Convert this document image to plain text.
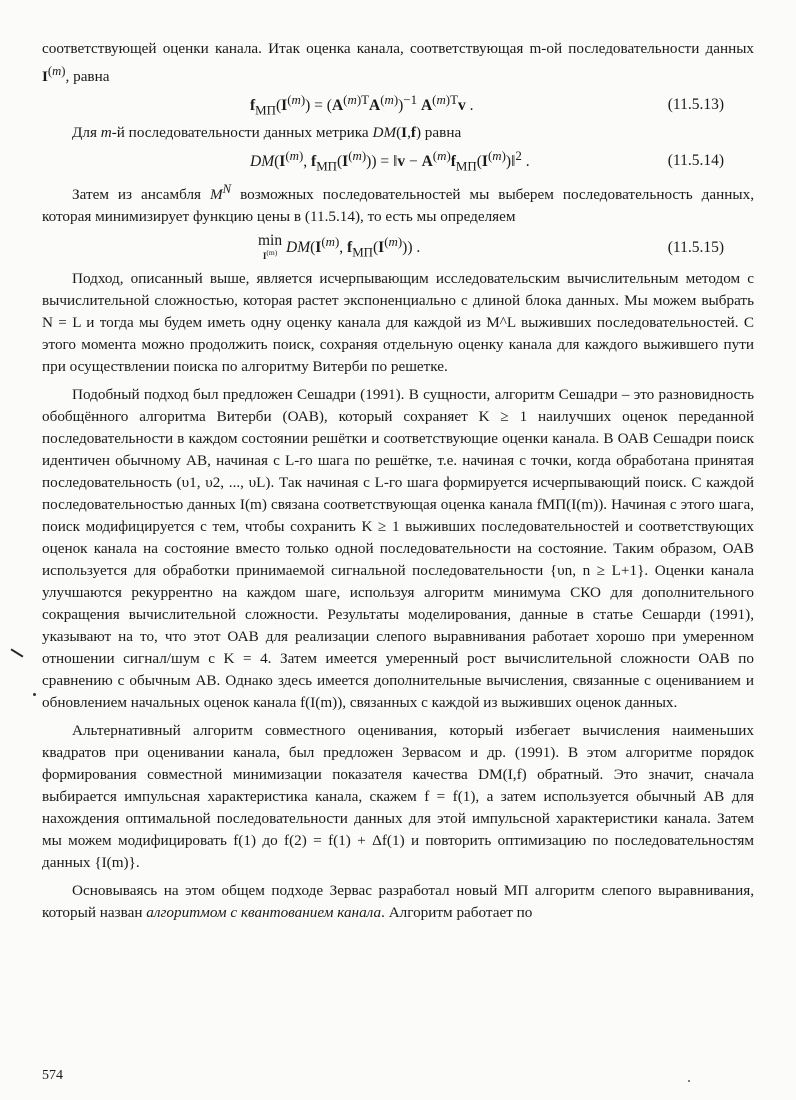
соответствующей оценки канала. Итак оценка канала, соответствующая m-ой последовательности данных $I^{(m)}$, равна

$f_{МП}(I^{(m)}) = (A^{(m)T}A^{(m)})^{-1}$ $A^{(m)T}v$ .	(11.5.13)

Для m-й последовательности данных метрика DM(I,f) равна

$DM(I^{(m)}$, $f_{МП}(I^{(m)})$) = ‖v − $A^{(m)}f_{МП}(I^{(m)})‖^2$ .	(11.5.14)

Затем из ансамбля $M^N$ возможных последовательностей мы выберем последовательность данных, которая минимизирует функцию цены в (11.5.14), то есть мы определяем

min
$I^{(m)}$ $DM(I^{(m)}$, $f_{МП}(I^{(m)})$) .	(11.5.15)

Подход, описанный выше, является исчерпывающим исследовательским вычислительным методом с вычислительной сложностью, которая растет экспоненциально с длиной блока данных. Мы можем выбрать N = L и тогда мы будем иметь одну оценку канала для каждой из M^L выживших последовательностей. С этого момента можно продолжить поиск, сохраняя отдельную оценку канала для каждого выжившего пути при осуществлении поиска по алгоритму Витерби по решетке.

Подобный подход был предложен Сешадри (1991). В сущности, алгоритм Сешадри – это разновидность обобщённого алгоритма Витерби (ОАВ), который сохраняет K ≥ 1 наилучших оценок переданной последовательности в каждом состоянии решётки и соответствующие оценки канала. В ОАВ Сешадри поиск идентичен обычному АВ, начиная с L-го шага по решётке, т.е. начиная с точки, когда обработана принятая последовательность (υ1, υ2, ..., υL). Так начиная с L-го шага формируется исчерпывающий поиск. С каждой последовательностью данных I(m) связана соответствующая оценка канала fМП(I(m)). Начиная с этого шага, поиск модифицируется с тем, чтобы сохранить K ≥ 1 выживших последовательностей и соответствующих оценок канала на состояние вместо только одной последовательности на состояние. Таким образом, ОАВ используется для обработки принимаемой сигнальной последовательности {υn, n ≥ L+1}. Оценки канала улучшаются рекуррентно на каждом шаге, используя алгоритм минимума СКО для дополнительного сокращения вычислительной сложности. Результаты моделирования, данные в статье Сешарди (1991), указывают на то, что этот ОАВ для реализации слепого выравнивания работает хорошо при умеренном отношении сигнал/шум с K = 4. Затем имеется умеренный рост вычислительной сложности ОАВ по сравнению с обычным АВ. Однако здесь имеется дополнительные вычисления, связанные с оцениванием и обновлением начальных оценок канала f(I(m)), связанных с каждой из выживших оценок данных.

Альтернативный алгоритм совместного оценивания, который избегает вычисления наименьших квадратов при оценивании канала, был предложен Зервасом и др. (1991). В этом алгоритме порядок формирования совместной минимизации показателя качества DM(I,f) обратный. Это значит, сначала выбирается импульсная характеристика канала, скажем f = f(1), а затем используется обычный АВ для нахождения оптимальной последовательности данных для этой импульсной характеристики канала. Затем мы можем модифицировать f(1) до f(2) = f(1) + Δf(1) и повторить оптимизацию по последовательностям данных {I(m)}.

Основываясь на этом общем подходе Зервас разработал новый МП алгоритм слепого выравнивания, который назван алгоритмом с квантованием канала. Алгоритм работает по

574
